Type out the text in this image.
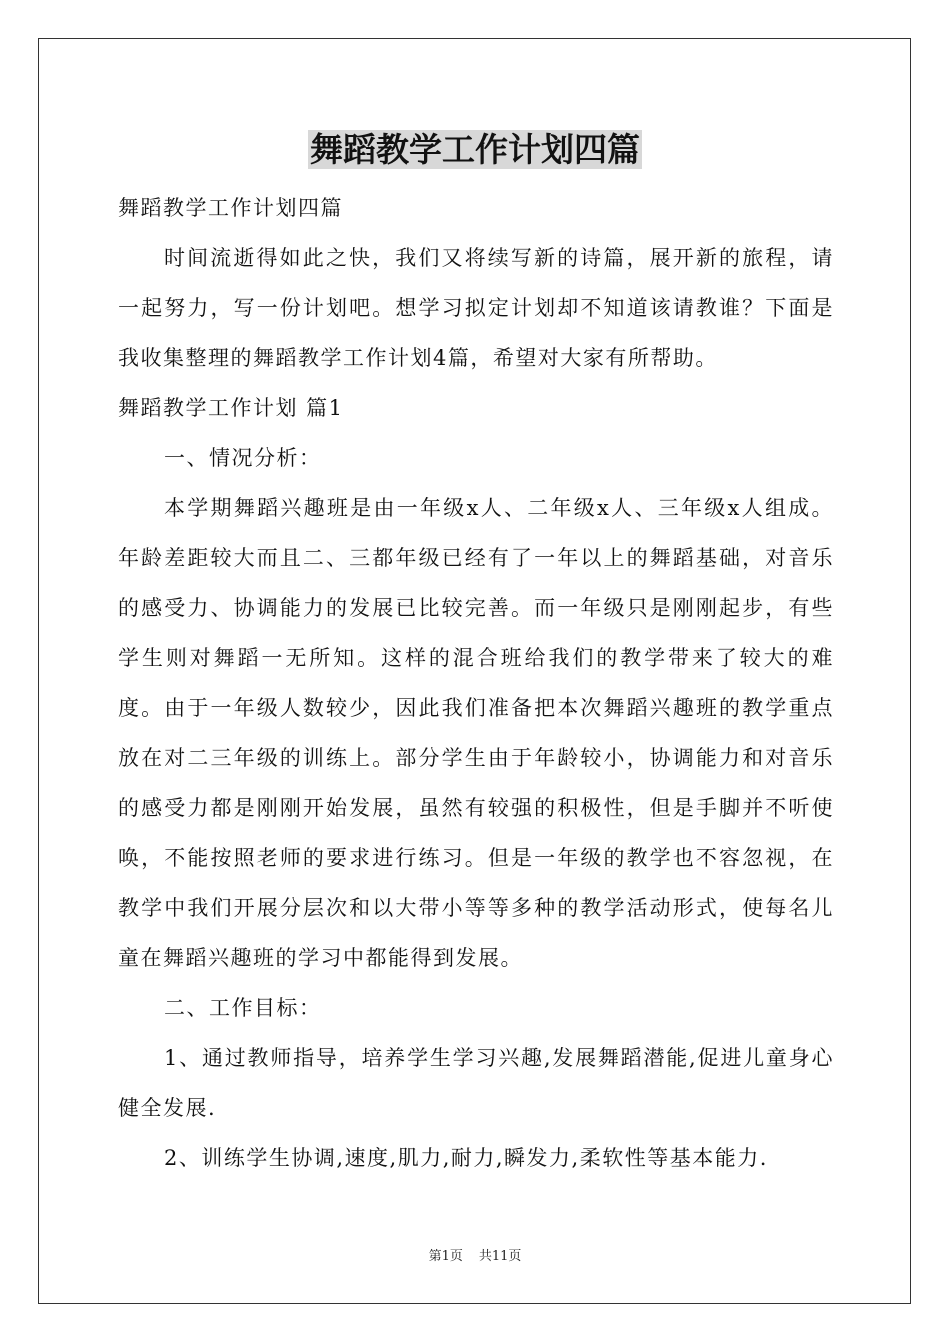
舞蹈教学工作计划四篇

舞蹈教学工作计划四篇

时间流逝得如此之快，我们又将续写新的诗篇，展开新的旅程，请一起努力，写一份计划吧。想学习拟定计划却不知道该请教谁？下面是我收集整理的舞蹈教学工作计划4篇，希望对大家有所帮助。

舞蹈教学工作计划 篇1

一、情况分析：

本学期舞蹈兴趣班是由一年级x人、二年级x人、三年级x人组成。年龄差距较大而且二、三都年级已经有了一年以上的舞蹈基础，对音乐的感受力、协调能力的发展已比较完善。而一年级只是刚刚起步，有些学生则对舞蹈一无所知。这样的混合班给我们的教学带来了较大的难度。由于一年级人数较少，因此我们准备把本次舞蹈兴趣班的教学重点放在对二三年级的训练上。部分学生由于年龄较小，协调能力和对音乐的感受力都是刚刚开始发展，虽然有较强的积极性，但是手脚并不听使唤，不能按照老师的要求进行练习。但是一年级的教学也不容忽视，在教学中我们开展分层次和以大带小等等多种的教学活动形式，使每名儿童在舞蹈兴趣班的学习中都能得到发展。

二、工作目标：

1、通过教师指导，培养学生学习兴趣,发展舞蹈潜能,促进儿童身心健全发展.

2、训练学生协调,速度,肌力,耐力,瞬发力,柔软性等基本能力.

第1页 共11页
